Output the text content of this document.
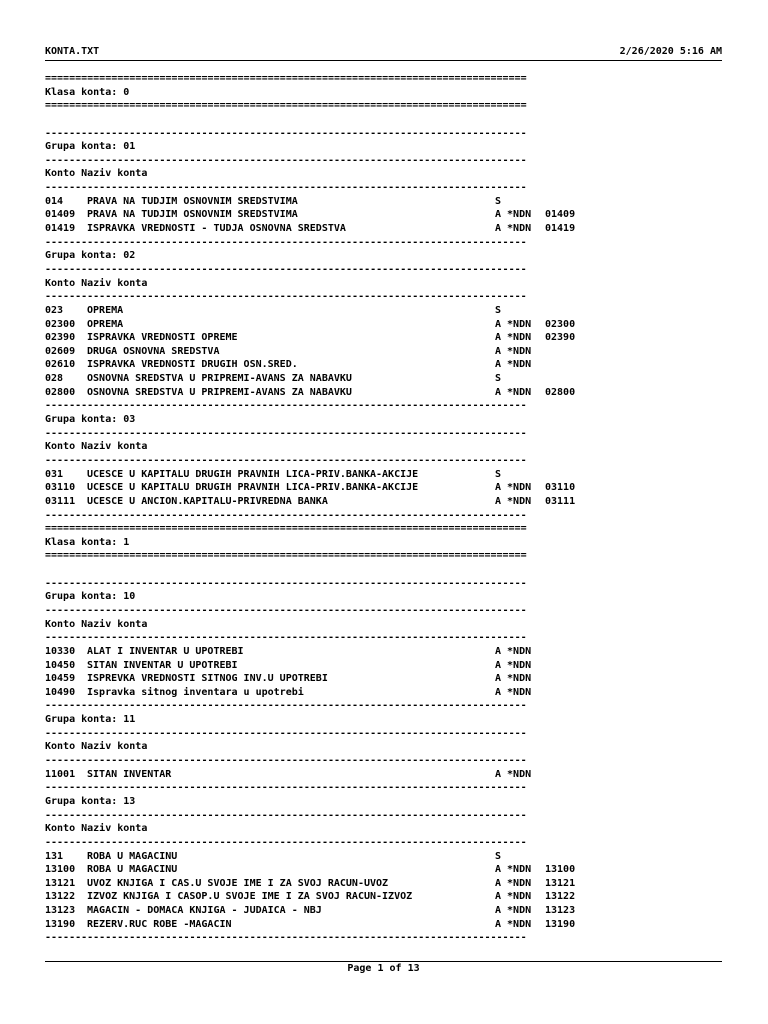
KONTA.TXT	2/26/2020 5:16 AM
================================================================================
Klasa konta: 0
================================================================================
--------------------------------------------------------------------------------
Grupa konta: 01
--------------------------------------------------------------------------------
Konto Naziv konta
--------------------------------------------------------------------------------
014 PRAVA NA TUDJIM OSNOVNIM SREDSTVIMA	S
01409 PRAVA NA TUDJIM OSNOVNIM SREDSTVIMA	A *NDN 01409
01419 ISPRAVKA VREDNOSTI - TUDJA OSNOVNA SREDSTVA	A *NDN 01419
--------------------------------------------------------------------------------
Grupa konta: 02
--------------------------------------------------------------------------------
Konto Naziv konta
--------------------------------------------------------------------------------
023 OPREMA	S
02300 OPREMA	A *NDN 02300
02390 ISPRAVKA VREDNOSTI OPREME	A *NDN 02390
02609 DRUGA OSNOVNA SREDSTVA	A *NDN
02610 ISPRAVKA VREDNOSTI DRUGIH OSN.SRED.	A *NDN
028 OSNOVNA SREDSTVA U PRIPREMI-AVANS ZA NABAVKU	S
02800 OSNOVNA SREDSTVA U PRIPREMI-AVANS ZA NABAVKU	A *NDN 02800
--------------------------------------------------------------------------------
Grupa konta: 03
--------------------------------------------------------------------------------
Konto Naziv konta
--------------------------------------------------------------------------------
031 UCESCE U KAPITALU DRUGIH PRAVNIH LICA-PRIV.BANKA-AKCIJE	S
03110 UCESCE U KAPITALU DRUGIH PRAVNIH LICA-PRIV.BANKA-AKCIJE	A *NDN 03110
03111 UCESCE U ANCION.KAPITALU-PRIVREDNA BANKA	A *NDN 03111
--------------------------------------------------------------------------------
================================================================================
Klasa konta: 1
================================================================================
--------------------------------------------------------------------------------
Grupa konta: 10
--------------------------------------------------------------------------------
Konto Naziv konta
--------------------------------------------------------------------------------
10330 ALAT I INVENTAR U UPOTREBI	A *NDN
10450 SITAN INVENTAR U UPOTREBI	A *NDN
10459 ISPREVKA VREDNOSTI SITNOG INV.U UPOTREBI	A *NDN
10490 Ispravka sitnog inventara u upotrebi	A *NDN
--------------------------------------------------------------------------------
Grupa konta: 11
--------------------------------------------------------------------------------
Konto Naziv konta
--------------------------------------------------------------------------------
11001 SITAN INVENTAR	A *NDN
--------------------------------------------------------------------------------
Grupa konta: 13
--------------------------------------------------------------------------------
Konto Naziv konta
--------------------------------------------------------------------------------
131 ROBA U MAGACINU	S
13100 ROBA U MAGACINU	A *NDN 13100
13121 UVOZ KNJIGA I CAS.U SVOJE IME I ZA SVOJ RACUN-UVOZ	A *NDN 13121
13122 IZVOZ KNJIGA I CASOP.U SVOJE IME I ZA SVOJ RACUN-IZVOZ	A *NDN 13122
13123 MAGACIN - DOMACA KNJIGA - JUDAICA - NBJ	A *NDN 13123
13190 REZERV.RUC ROBE -MAGACIN	A *NDN 13190
--------------------------------------------------------------------------------
Page 1 of 13
